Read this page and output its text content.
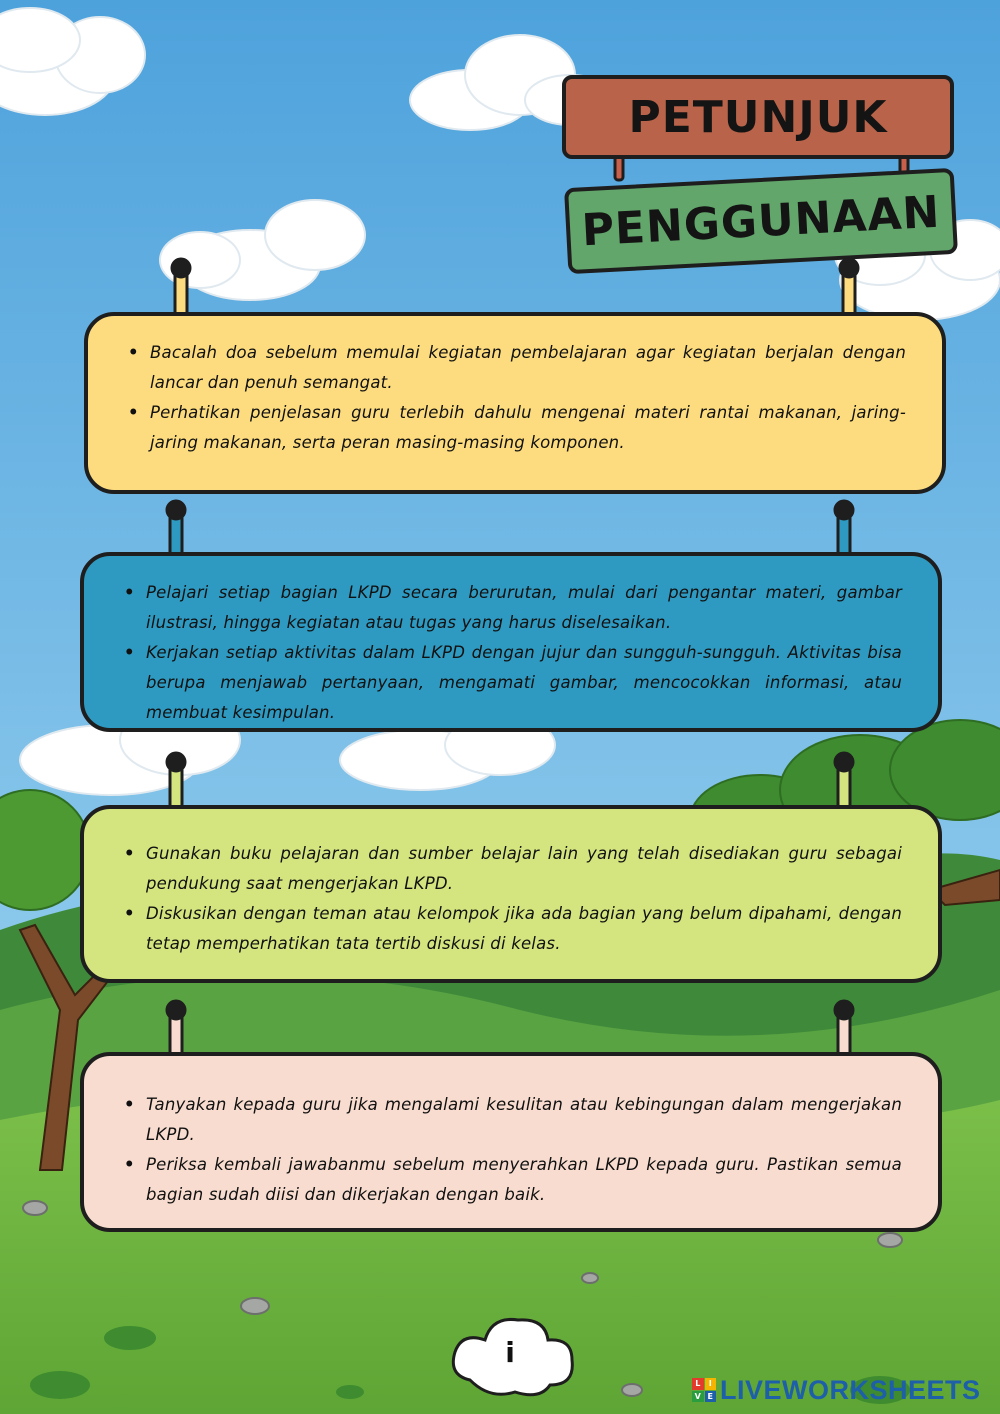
PETUNJUK
PENGGUNAAN
• Bacalah doa sebelum memulai kegiatan pembelajaran agar kegiatan berjalan dengan lancar dan penuh semangat.
• Perhatikan penjelasan guru terlebih dahulu mengenai materi rantai makanan, jaring-jaring makanan, serta peran masing-masing komponen.
• Pelajari setiap bagian LKPD secara berurutan, mulai dari pengantar materi, gambar ilustrasi, hingga kegiatan atau tugas yang harus diselesaikan.
• Kerjakan setiap aktivitas dalam LKPD dengan jujur dan sungguh-sungguh. Aktivitas bisa berupa menjawab pertanyaan, mengamati gambar, mencocokkan informasi, atau membuat kesimpulan.
• Gunakan buku pelajaran dan sumber belajar lain yang telah disediakan guru sebagai pendukung saat mengerjakan LKPD.
• Diskusikan dengan teman atau kelompok jika ada bagian yang belum dipahami, dengan tetap memperhatikan tata tertib diskusi di kelas.
• Tanyakan kepada guru jika mengalami kesulitan atau kebingungan dalam mengerjakan LKPD.
• Periksa kembali jawabanmu sebelum menyerahkan LKPD kepada guru. Pastikan semua bagian sudah diisi dan dikerjakan dengan baik.
i
L	I
V E LIVEWORKSHEETS
